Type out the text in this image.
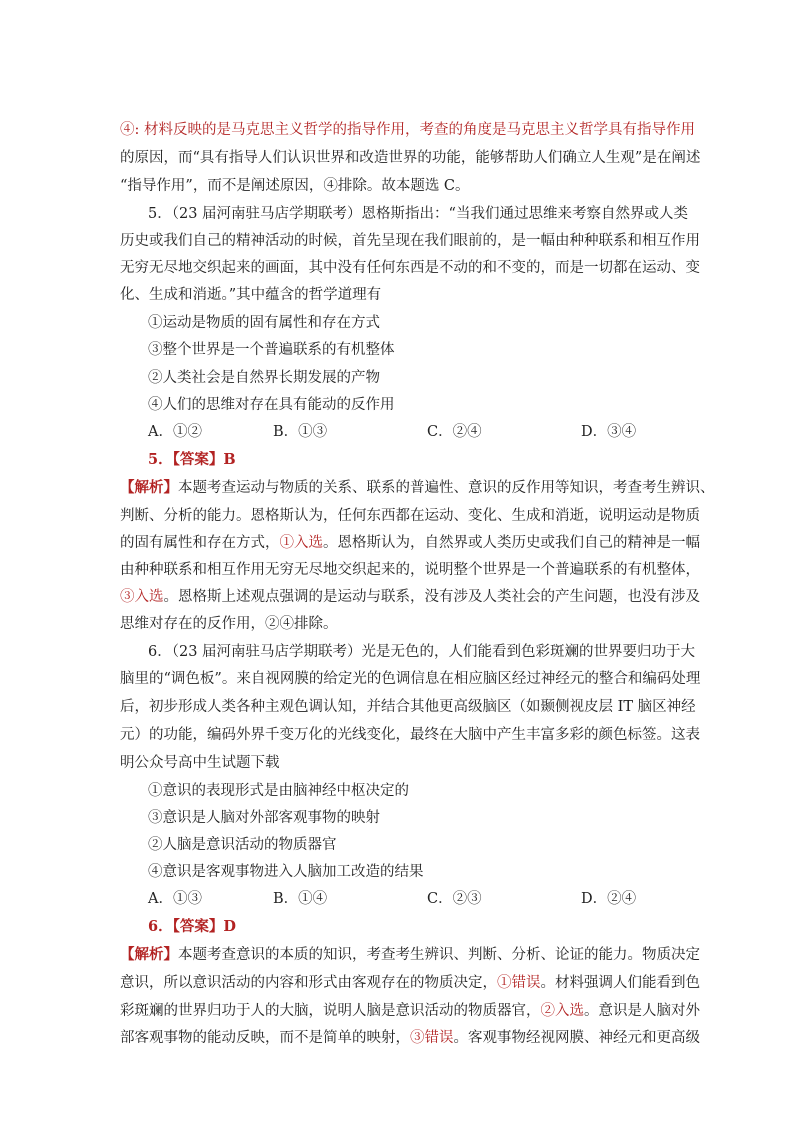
④: 材料反映的是马克思主义哲学的指导作用，考查的角度是马克思主义哲学具有指导作用
的原因，而“具有指导人们认识世界和改造世界的功能，能够帮助人们确立人生观”是在阐述
“指导作用”，而不是阐述原因，④排除。故本题选 C。
5．（23 届河南驻马店学期联考）恩格斯指出：“当我们通过思维来考察自然界或人类
历史或我们自己的精神活动的时候，首先呈现在我们眼前的，是一幅由种种联系和相互作用
无穷无尽地交织起来的画面，其中没有任何东西是不动的和不变的，而是一切都在运动、变
化、生成和消逝。”其中蕴含的哲学道理有
①运动是物质的固有属性和存在方式
③整个世界是一个普遍联系的有机整体
②人类社会是自然界长期发展的产物
④人们的思维对存在具有能动的反作用
A．①②	B．①③	C．②④	D．③④
5．【答案】B
【解析】本题考查运动与物质的关系、联系的普遍性、意识的反作用等知识，考查考生辨识、
判断、分析的能力。恩格斯认为，任何东西都在运动、变化、生成和消逝，说明运动是物质
的固有属性和存在方式，①入选。恩格斯认为，自然界或人类历史或我们自己的精神是一幅
由种种联系和相互作用无穷无尽地交织起来的，说明整个世界是一个普遍联系的有机整体，
③入选。恩格斯上述观点强调的是运动与联系，没有涉及人类社会的产生问题，也没有涉及
思维对存在的反作用，②④排除。
6．（23 届河南驻马店学期联考）光是无色的，人们能看到色彩斑斓的世界要归功于大
脑里的“调色板”。来自视网膜的给定光的色调信息在相应脑区经过神经元的整合和编码处理
后，初步形成人类各种主观色调认知，并结合其他更高级脑区（如颞侧视皮层 IT 脑区神经
元）的功能，编码外界千变万化的光线变化，最终在大脑中产生丰富多彩的颜色标签。这表
明公众号高中生试题下载
①意识的表现形式是由脑神经中枢决定的
③意识是人脑对外部客观事物的映射
②人脑是意识活动的物质器官
④意识是客观事物进入人脑加工改造的结果
A．①③	B．①④	C．②③	D．②④
6．【答案】D
【解析】本题考查意识的本质的知识，考查考生辨识、判断、分析、论证的能力。物质决定
意识，所以意识活动的内容和形式由客观存在的物质决定，①错误。材料强调人们能看到色
彩斑斓的世界归功于人的大脑，说明人脑是意识活动的物质器官，②入选。意识是人脑对外
部客观事物的能动反映，而不是简单的映射，③错误。客观事物经视网膜、神经元和更高级
